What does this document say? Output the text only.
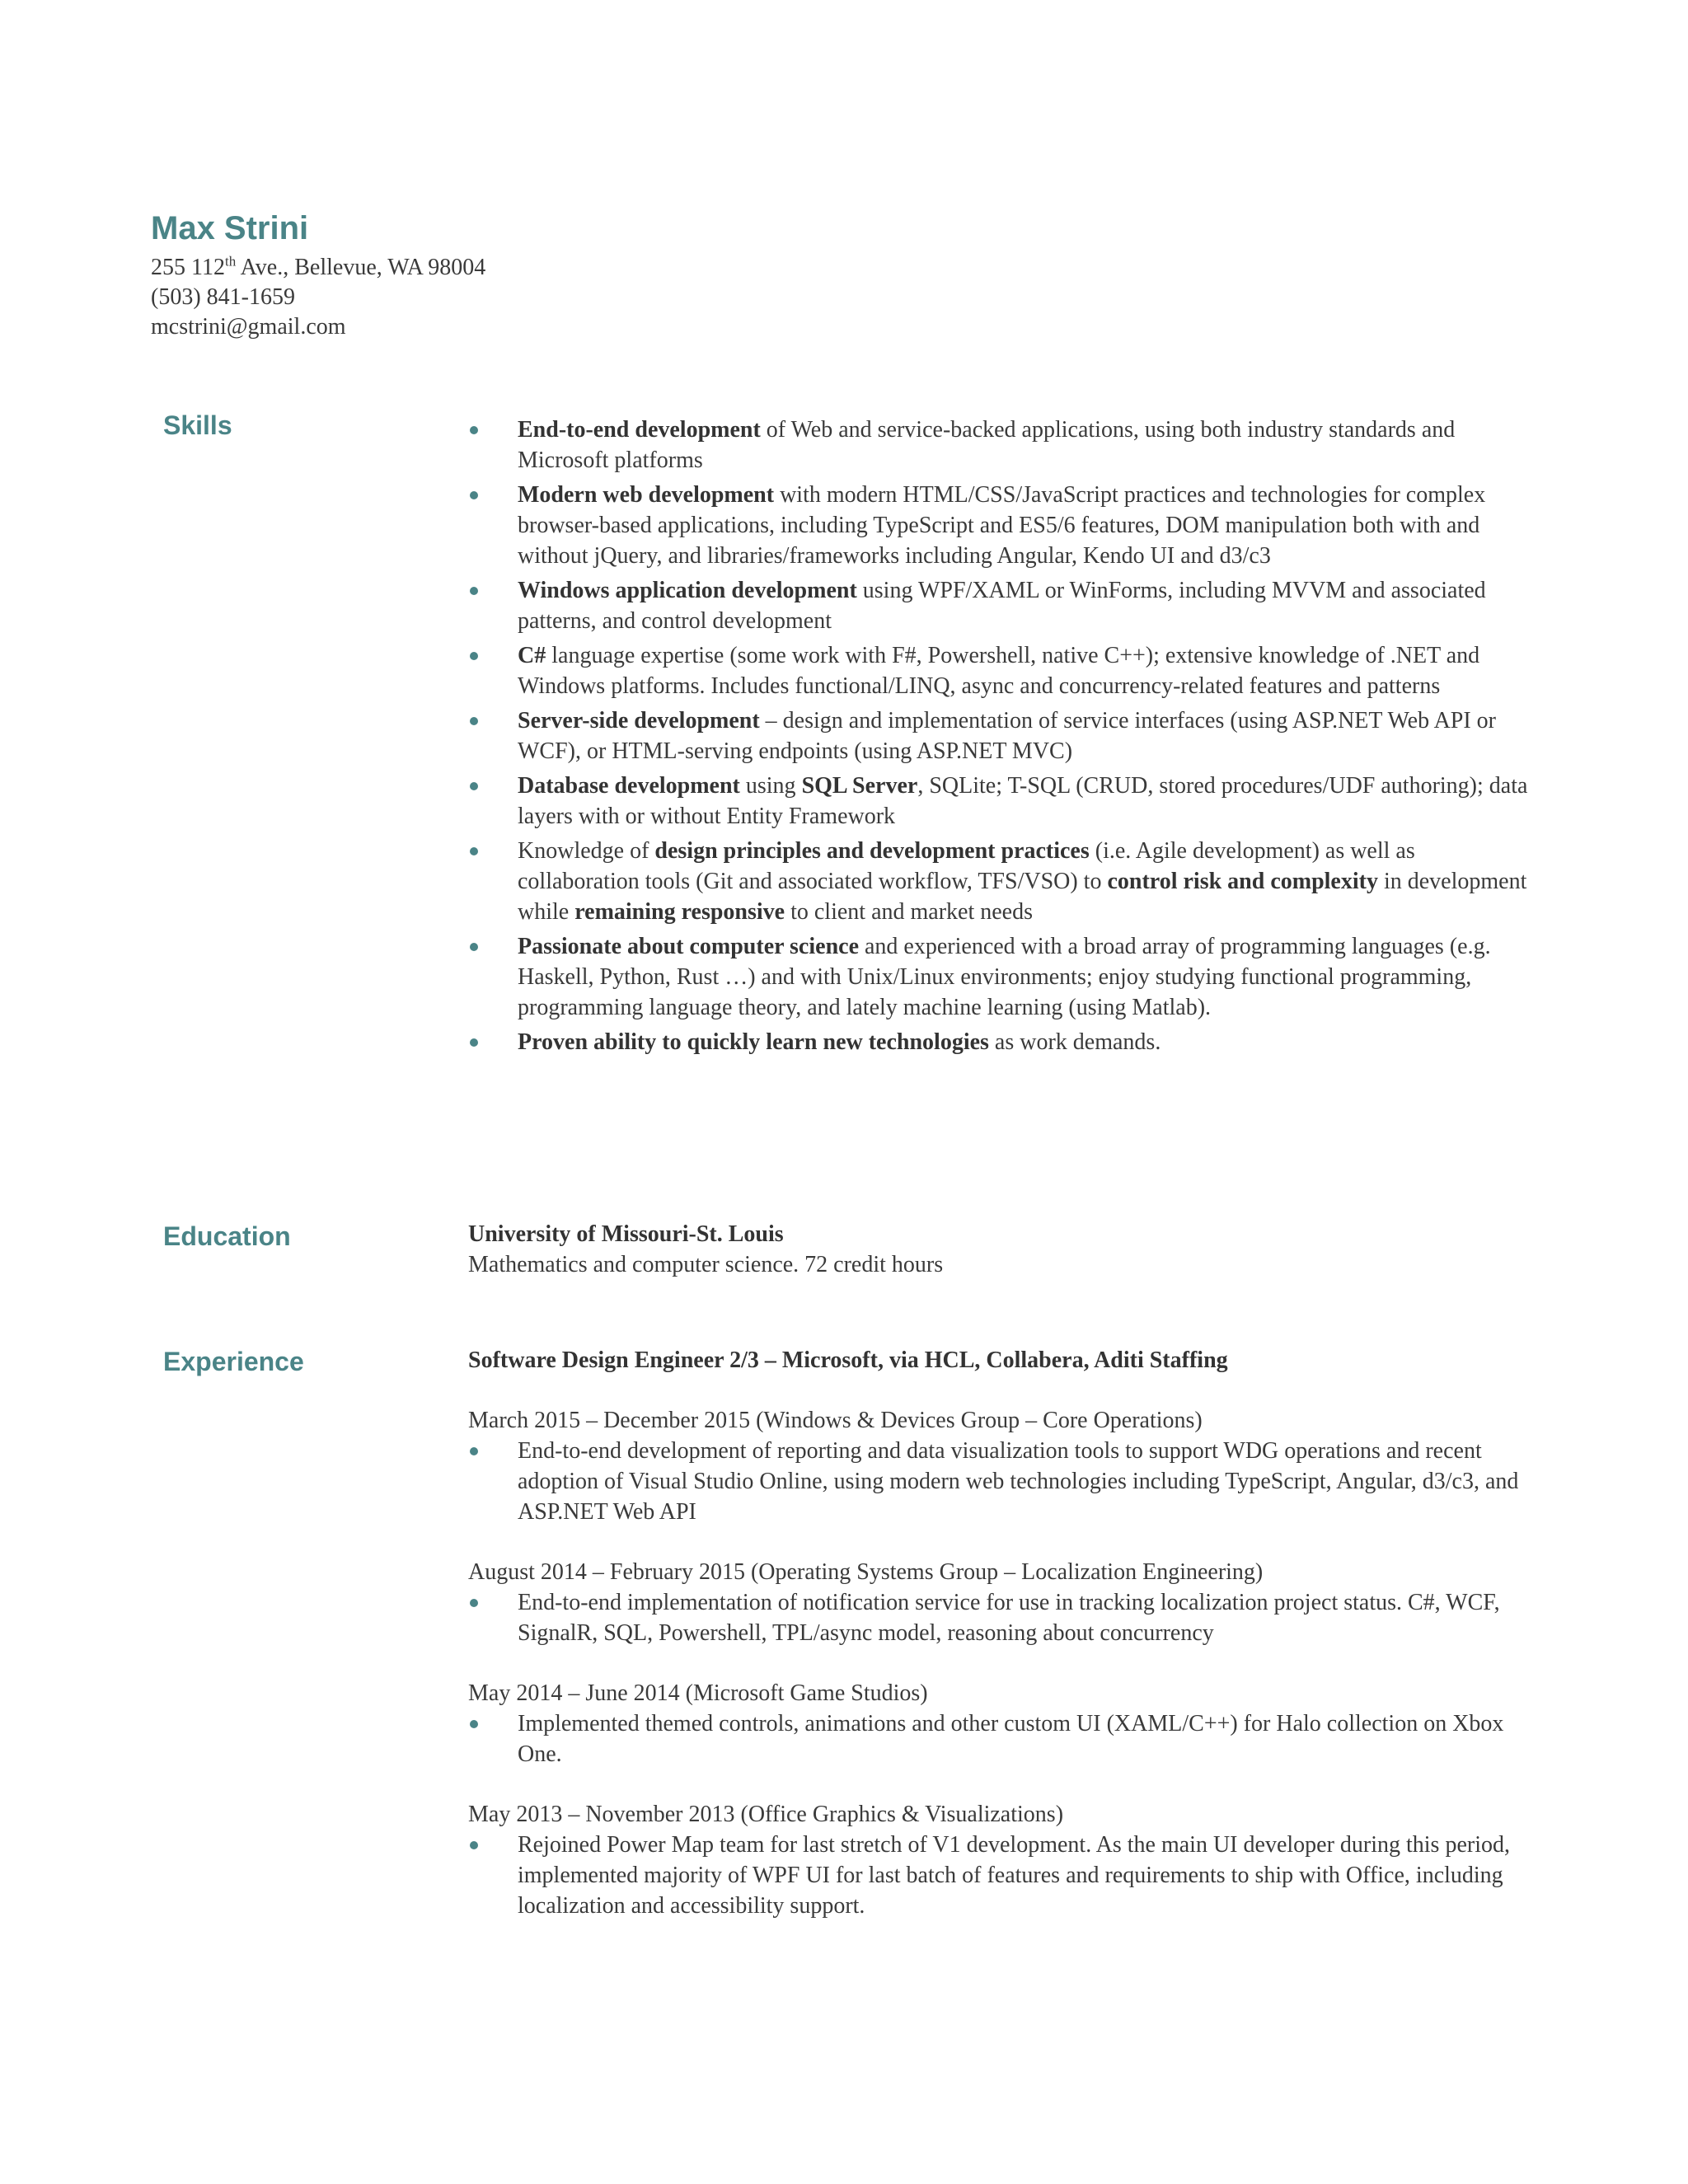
Max Strini
255 112th Ave., Bellevue, WA 98004
(503) 841-1659
mcstrini@gmail.com
Skills	End-to-end development of Web and service-backed applications, using both industry standards and Microsoft platforms
Modern web development with modern HTML/CSS/JavaScript practices and technologies for complex browser-based applications, including TypeScript and ES5/6 features, DOM manipulation both with and without jQuery, and libraries/frameworks including Angular, Kendo UI and d3/c3
Windows application development using WPF/XAML or WinForms, including MVVM and associated patterns, and control development
C# language expertise (some work with F#, Powershell, native C++); extensive knowledge of .NET and Windows platforms. Includes functional/LINQ, async and concurrency-related features and patterns
Server-side development – design and implementation of service interfaces (using ASP.NET Web API or WCF), or HTML-serving endpoints (using ASP.NET MVC)
Database development using SQL Server, SQLite; T-SQL (CRUD, stored procedures/UDF authoring); data layers with or without Entity Framework
Knowledge of design principles and development practices (i.e. Agile development) as well as collaboration tools (Git and associated workflow, TFS/VSO) to control risk and complexity in development while remaining responsive to client and market needs
Passionate about computer science and experienced with a broad array of programming languages (e.g. Haskell, Python, Rust …) and with Unix/Linux environments; enjoy studying functional programming, programming language theory, and lately machine learning (using Matlab).
Proven ability to quickly learn new technologies as work demands.
Education	University of Missouri-St. Louis
Mathematics and computer science. 72 credit hours
Experience	Software Design Engineer 2/3 – Microsoft, via HCL, Collabera, Aditi Staffing
March 2015 – December 2015 (Windows & Devices Group – Core Operations)
End-to-end development of reporting and data visualization tools to support WDG operations and recent adoption of Visual Studio Online, using modern web technologies including TypeScript, Angular, d3/c3, and ASP.NET Web API
August 2014 – February 2015 (Operating Systems Group – Localization Engineering)
End-to-end implementation of notification service for use in tracking localization project status. C#, WCF, SignalR, SQL, Powershell, TPL/async model, reasoning about concurrency
May 2014 – June 2014 (Microsoft Game Studios)
Implemented themed controls, animations and other custom UI (XAML/C++) for Halo collection on Xbox One.
May 2013 – November 2013 (Office Graphics & Visualizations)
Rejoined Power Map team for last stretch of V1 development. As the main UI developer during this period, implemented majority of WPF UI for last batch of features and requirements to ship with Office, including localization and accessibility support.
